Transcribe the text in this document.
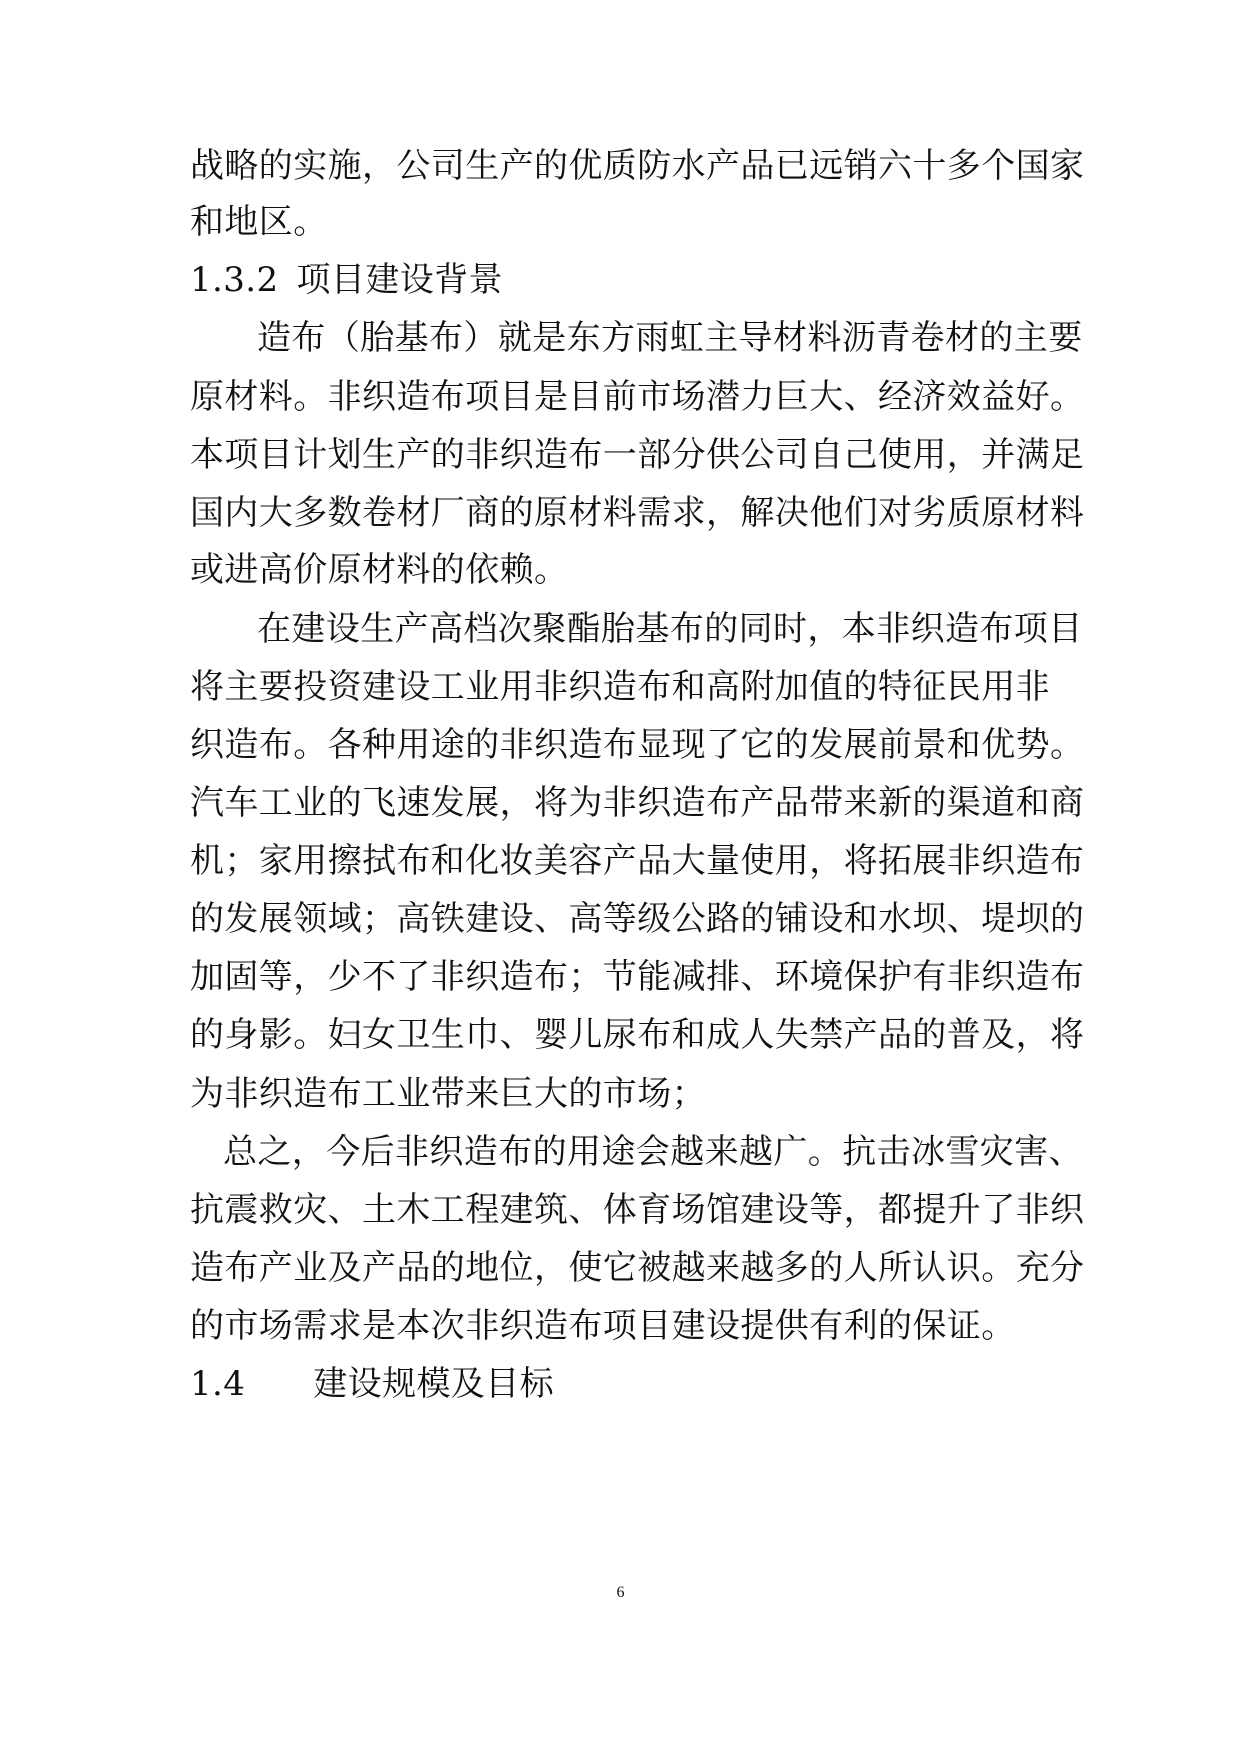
战略的实施，公司生产的优质防水产品已远销六十多个国家
和地区。
1.3.2 项目建设背景
造布（胎基布）就是东方雨虹主导材料沥青卷材的主要
原材料。非织造布项目是目前市场潜力巨大、经济效益好。
本项目计划生产的非织造布一部分供公司自己使用，并满足
国内大多数卷材厂商的原材料需求，解决他们对劣质原材料
或进高价原材料的依赖。
在建设生产高档次聚酯胎基布的同时，本非织造布项目
将主要投资建设工业用非织造布和高附加值的特征民用非
织造布。各种用途的非织造布显现了它的发展前景和优势。
汽车工业的飞速发展，将为非织造布产品带来新的渠道和商
机；家用擦拭布和化妆美容产品大量使用，将拓展非织造布
的发展领域；高铁建设、高等级公路的铺设和水坝、堤坝的
加固等，少不了非织造布；节能减排、环境保护有非织造布
的身影。妇女卫生巾、婴儿尿布和成人失禁产品的普及，将
为非织造布工业带来巨大的市场；
总之，今后非织造布的用途会越来越广。抗击冰雪灾害、
抗震救灾、土木工程建筑、体育场馆建设等，都提升了非织
造布产业及产品的地位，使它被越来越多的人所认识。充分
的市场需求是本次非织造布项目建设提供有利的保证。
1.4 建设规模及目标
6
